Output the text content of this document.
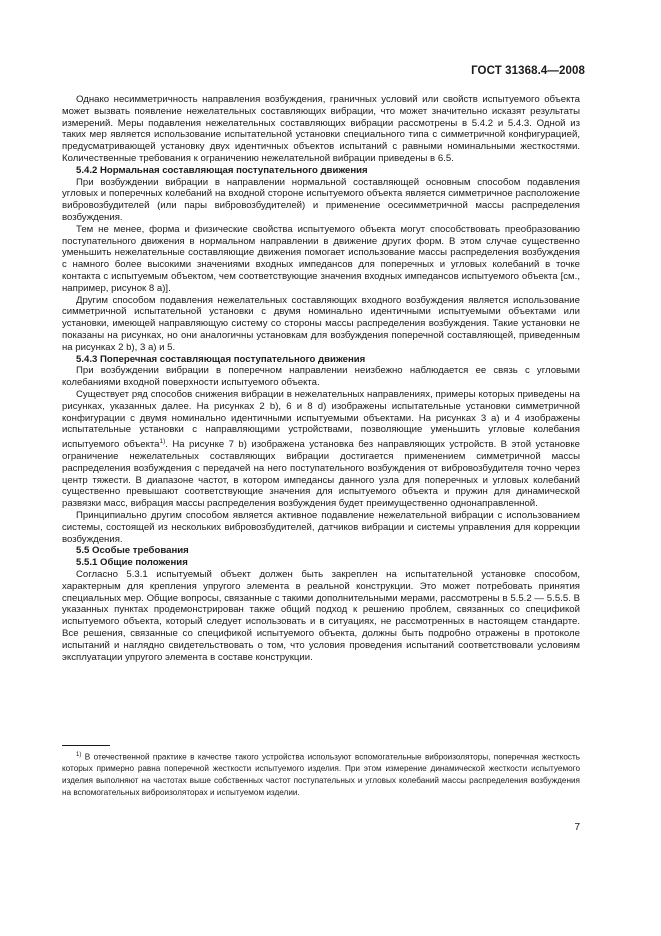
ГОСТ 31368.4—2008

Однако несимметричность направления возбуждения, граничных условий или свойств испытуемого объекта может вызвать появление нежелательных составляющих вибрации, что может значительно исказят результаты измерений. Меры подавления нежелательных составляющих вибрации рассмотрены в 5.4.2 и 5.4.3. Одной из таких мер является использование испытательной установки специального типа с симметричной конфигурацией, предусматривающей установку двух идентичных объектов испытаний с равными номинальными жесткостями. Количественные требования к ограничению нежелательной вибрации приведены в 6.5.

5.4.2 Нормальная составляющая поступательного движения

При возбуждении вибрации в направлении нормальной составляющей основным способом подавления угловых и поперечных колебаний на входной стороне испытуемого объекта является симметричное расположение вибровозбудителей (или пары вибровозбудителей) и применение осесимметричной массы распределения возбуждения.

Тем не менее, форма и физические свойства испытуемого объекта могут способствовать преобразованию поступательного движения в нормальном направлении в движение других форм. В этом случае существенно уменьшить нежелательные составляющие движения помогает использование массы распределения возбуждения с намного более высокими значениями входных импедансов для поперечных и угловых колебаний в точке контакта с испытуемым объектом, чем соответствующие значения входных импедансов испытуемого объекта [см., например, рисунок 8 а)].

Другим способом подавления нежелательных составляющих входного возбуждения является использование симметричной испытательной установки с двумя номинально идентичными испытуемыми объектами или установки, имеющей направляющую систему со стороны массы распределения возбуждения. Такие установки не показаны на рисунках, но они аналогичны установкам для возбуждения поперечной составляющей, приведенным на рисунках 2 b), 3 а) и 5.

5.4.3 Поперечная составляющая поступательного движения

При возбуждении вибрации в поперечном направлении неизбежно наблюдается ее связь с угловыми колебаниями входной поверхности испытуемого объекта.

Существует ряд способов снижения вибрации в нежелательных направлениях, примеры которых приведены на рисунках, указанных далее. На рисунках 2 b), 6 и 8 d) изображены испытательные установки симметричной конфигурации с двумя номинально идентичными испытуемыми объектами. На рисунках 3 а) и 4 изображены испытательные установки с направляющими устройствами, позволяющие уменьшить угловые колебания испытуемого объекта$^{1)}$. На рисунке 7 b) изображена установка без направляющих устройств. В этой установке ограничение нежелательных составляющих вибрации достигается применением симметричной массы распределения возбуждения с передачей на него поступательного возбуждения от вибровозбудителя точно через центр тяжести. В диапазоне частот, в котором импедансы данного узла для поперечных и угловых колебаний существенно превышают соответствующие значения для испытуемого объекта и пружин для динамической развязки масс, вибрация массы распределения возбуждения будет преимущественно однонаправленной.

Принципиально другим способом является активное подавление нежелательной вибрации с использованием системы, состоящей из нескольких вибровозбудителей, датчиков вибрации и системы управления для коррекции возбуждения.

5.5 Особые требования

5.5.1 Общие положения

Согласно 5.3.1 испытуемый объект должен быть закреплен на испытательной установке способом, характерным для крепления упругого элемента в реальной конструкции. Это может потребовать принятия специальных мер. Общие вопросы, связанные с такими дополнительными мерами, рассмотрены в 5.5.2 — 5.5.5. В указанных пунктах продемонстрирован также общий подход к решению проблем, связанных со спецификой испытуемого объекта, который следует использовать и в ситуациях, не рассмотренных в настоящем стандарте. Все решения, связанные со спецификой испытуемого объекта, должны быть подробно отражены в протоколе испытаний и наглядно свидетельствовать о том, что условия проведения испытаний соответствовали условиям эксплуатации упругого элемента в составе конструкции.

$^{1)}$ В отечественной практике в качестве такого устройства используют вспомогательные виброизоляторы, поперечная жесткость которых примерно равна поперечной жесткости испытуемого изделия. При этом измерение динамической жесткости испытуемого изделия выполняют на частотах выше собственных частот поступательных и угловых колебаний массы распределения возбуждения на вспомогательных виброизоляторах и испытуемом изделии.
7
